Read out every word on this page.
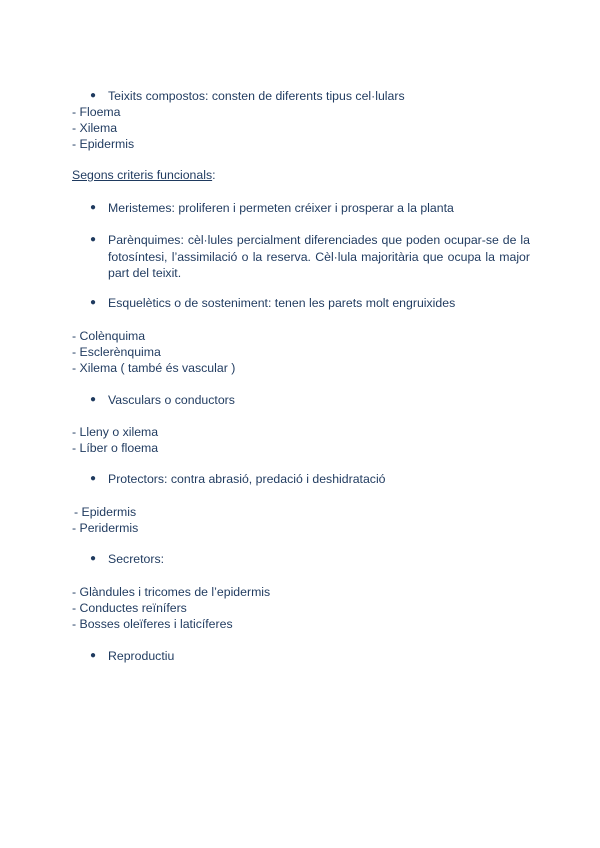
● Teixits compostos: consten de diferents tipus cel·lulars
- Floema
- Xilema
- Epidermis
Segons criteris funcionals:
● Meristemes: proliferen i permeten créixer i prosperar a la planta
● Parènquimes: cèl·lules percialment diferenciades que poden ocupar-se de la fotosíntesi, l’assimilació o la reserva. Cèl·lula majoritària que ocupa la major part del teixit.
● Esquelètics o de sosteniment: tenen les parets molt engruixides
- Colènquima
- Esclerènquima
- Xilema ( també és vascular )
● Vasculars o conductors
- Lleny o xilema
- Líber o floema
● Protectors: contra abrasió, predació i deshidratació
- Epidermis
- Peridermis
● Secretors:
- Glàndules i tricomes de l’epidermis
- Conductes reïnífers
- Bosses oleïferes i laticíferes
● Reproductiu
